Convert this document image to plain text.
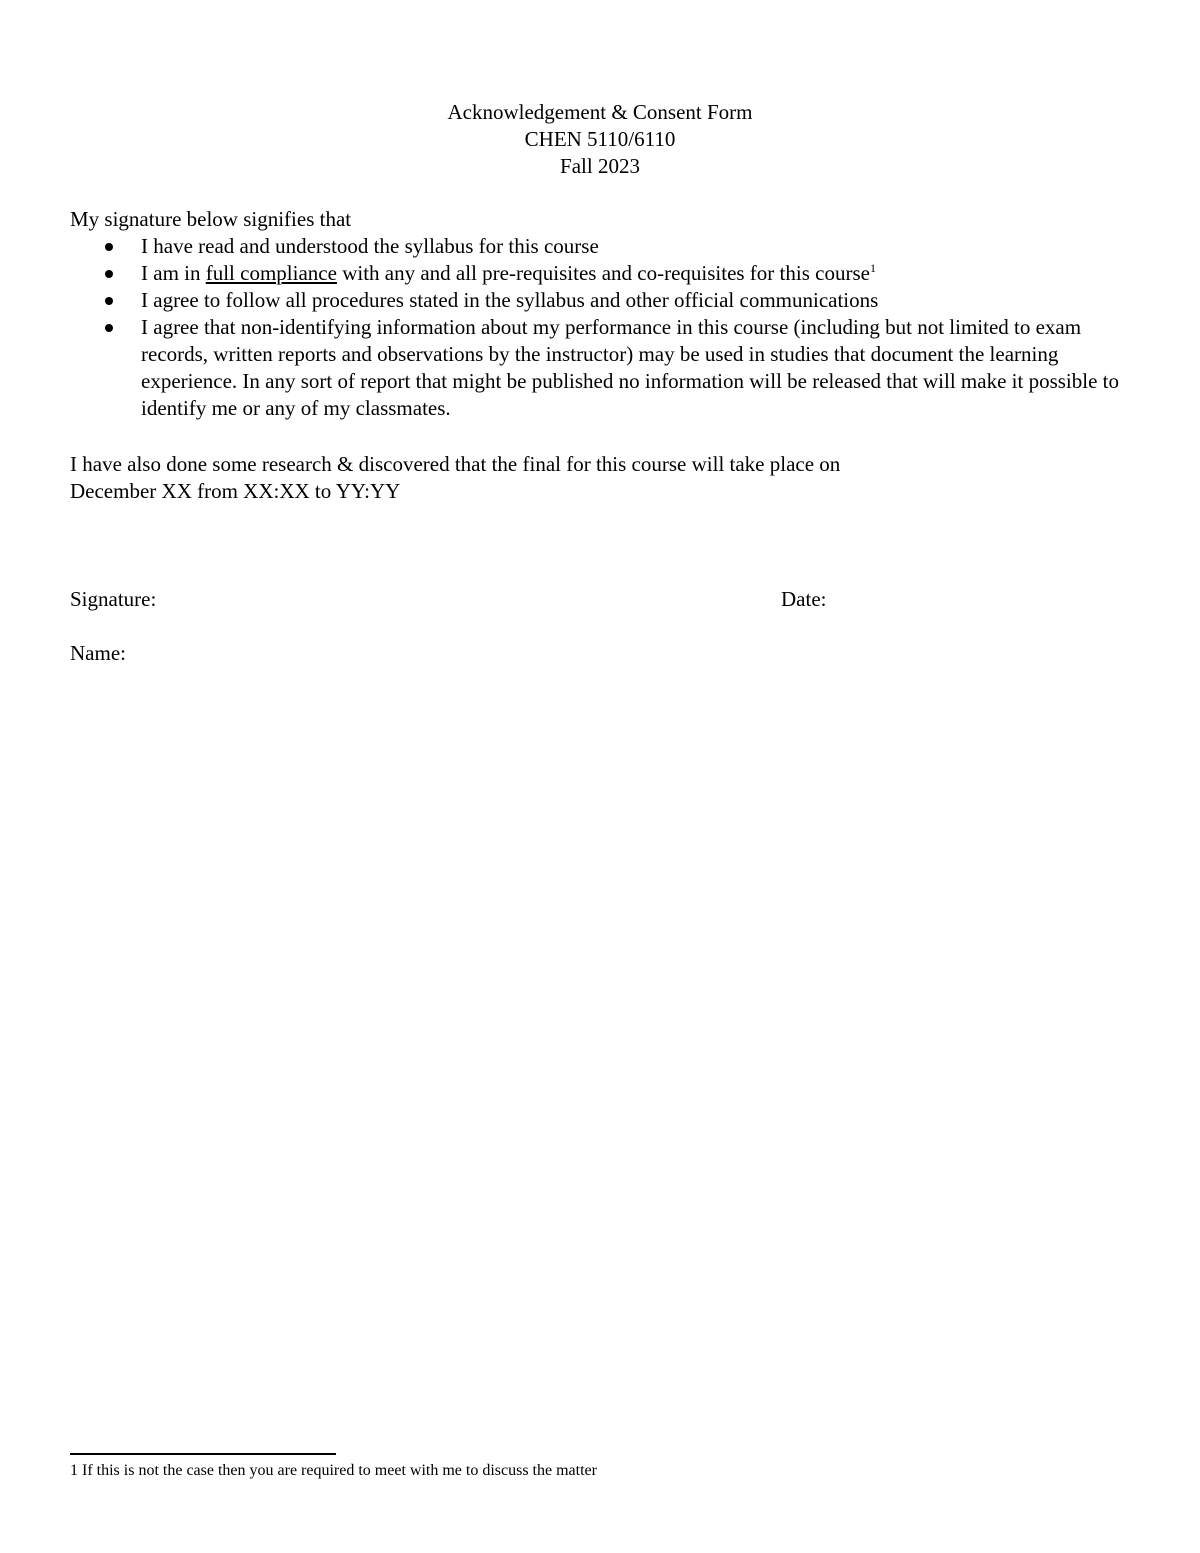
Acknowledgement & Consent Form
CHEN 5110/6110
Fall 2023
My signature below signifies that
I have read and understood the syllabus for this course
I am in full compliance with any and all pre-requisites and co-requisites for this course$^1$
I agree to follow all procedures stated in the syllabus and other official communications
I agree that non-identifying information about my performance in this course (including but not limited to exam records, written reports and observations by the instructor) may be used in studies that document the learning experience. In any sort of report that might be published no information will be released that will make it possible to identify me or any of my classmates.
I have also done some research & discovered that the final for this course will take place on
December XX from XX:XX to YY:YY
Signature:	Date:
Name:
1 If this is not the case then you are required to meet with me to discuss the matter
